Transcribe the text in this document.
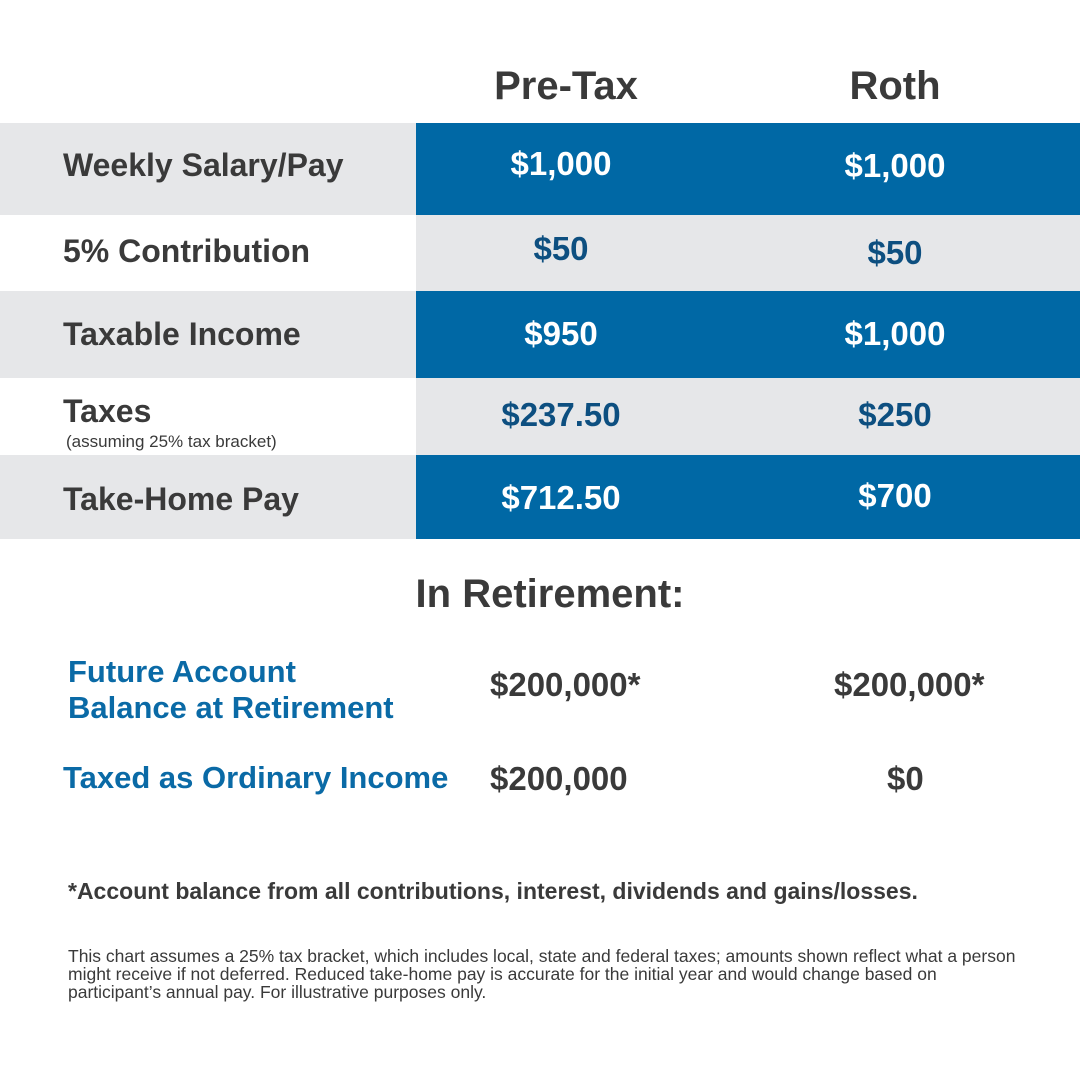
Pre-Tax	Roth
Weekly Salary/Pay	$1,000	$1,000
5% Contribution	$50	$50
Taxable Income	$950	$1,000
Taxes
(assuming 25% tax bracket)
$237.50	$250
Take-Home Pay	$712.50	$700
In Retirement:
Future Account
Balance at Retirement
$200,000*	$200,000*
Taxed as Ordinary Income $200,000	$0
*Account balance from all contributions, interest, dividends and gains/losses.
This chart assumes a 25% tax bracket, which includes local, state and federal taxes; amounts shown reflect what a person might receive if not deferred. Reduced take-home pay is accurate for the initial year and would change based on participant’s annual pay. For illustrative purposes only.
